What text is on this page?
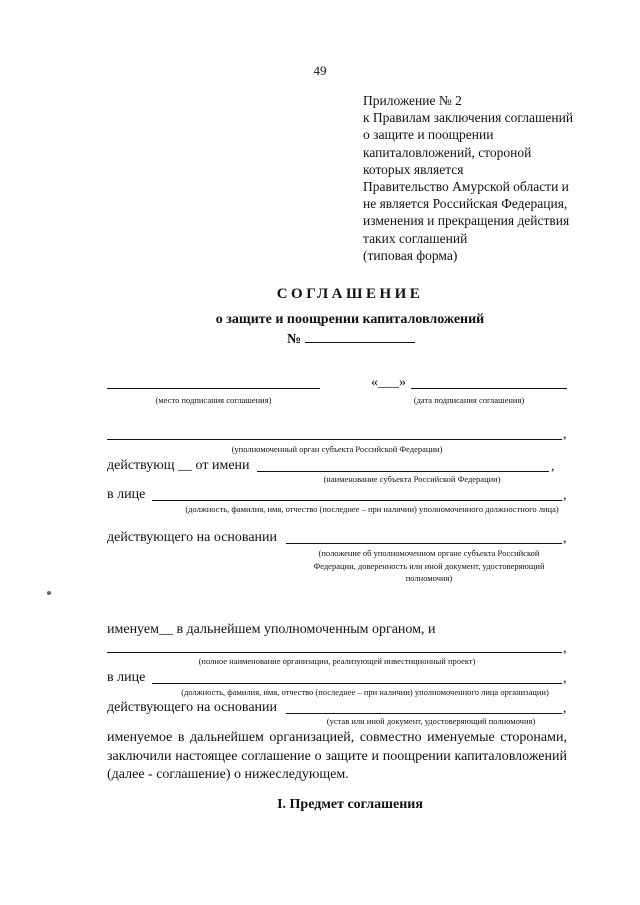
49
Приложение № 2
к Правилам заключения соглашений
о защите и поощрении
капиталовложений, стороной
которых является
Правительство Амурской области и
не является Российская Федерация,
изменения и прекращения действия
таких соглашений
(типовая форма)
СОГЛАШЕНИЕ
о защите и поощрении капиталовложений
№
(место подписания соглашения)
«___»
(дата подписания соглашения)
,
(уполномоченный орган субъекта Российской Федерации)
действующ __ от имени	,
(наименование субъекта Российской Федерации)
в лице	,
(должность, фамилия, имя, отчество (последнее – при наличии) уполномоченного должностного лица)
действующего на основании	,
(положение об уполномоченном органе субъекта Российской Федерации, доверенность или иной документ, удостоверяющий полномочия)
именуем__ в дальнейшем уполномоченным органом, и
,
(полное наименование организации, реализующей инвестиционный проект)
в лице	,
(должность, фамилия, имя, отчество (последнее – при наличии) уполномоченного лица организации)
действующего на основании	,
(устав или иной документ, удостоверяющий полномочия)
именуемое в дальнейшем организацией, совместно именуемые сторонами, заключили настоящее соглашение о защите и поощрении капиталовложений (далее - соглашение) о нижеследующем.
I. Предмет соглашения
